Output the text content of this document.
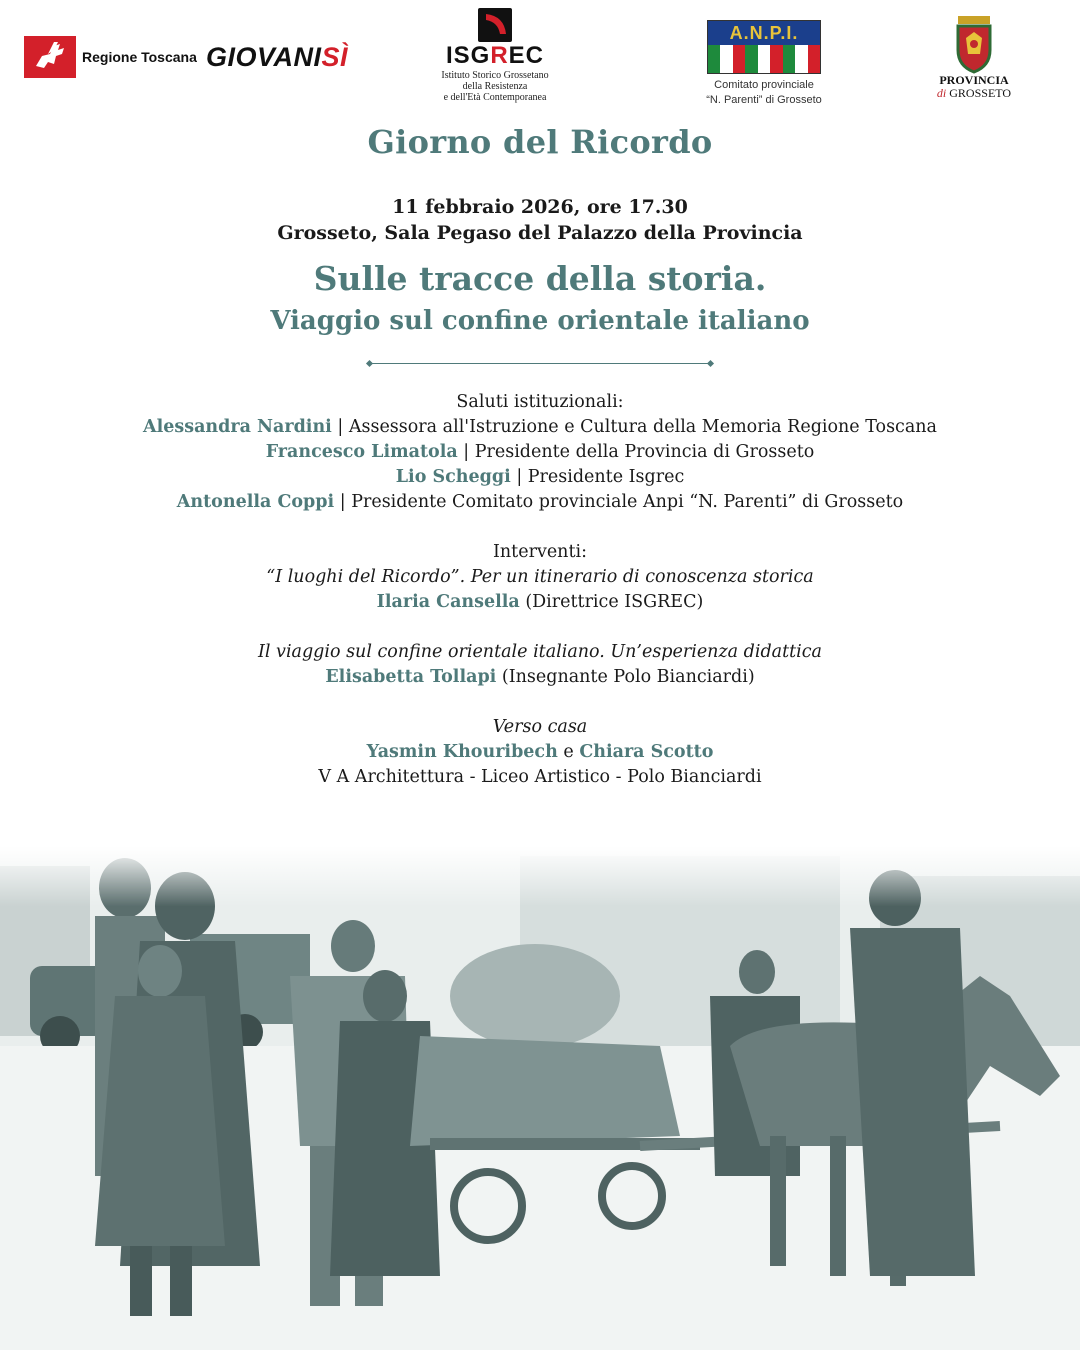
Regione Toscana GIOVANISÌ	ISGREC
Istituto Storico Grossetano
della Resistenza
e dell'Età Contemporanea
A.N.P.I.
Comitato provinciale
“N. Parenti” di Grosseto
PROVINCIA
di GROSSETO
Giorno del Ricordo
11 febbraio 2026, ore 17.30
Grosseto, Sala Pegaso del Palazzo della Provincia
Sulle tracce della storia.
Viaggio sul confine orientale italiano
Saluti istituzionali:
Alessandra Nardini | Assessora all'Istruzione e Cultura della Memoria Regione Toscana
Francesco Limatola | Presidente della Provincia di Grosseto
Lio Scheggi | Presidente Isgrec
Antonella Coppi | Presidente Comitato provinciale Anpi “N. Parenti” di Grosseto
Interventi:
“I luoghi del Ricordo”. Per un itinerario di conoscenza storica
Ilaria Cansella (Direttrice ISGREC)
Il viaggio sul confine orientale italiano. Un’esperienza didattica
Elisabetta Tollapi (Insegnante Polo Bianciardi)
Verso casa
Yasmin Khouribech e Chiara Scotto
V A Architettura - Liceo Artistico - Polo Bianciardi
